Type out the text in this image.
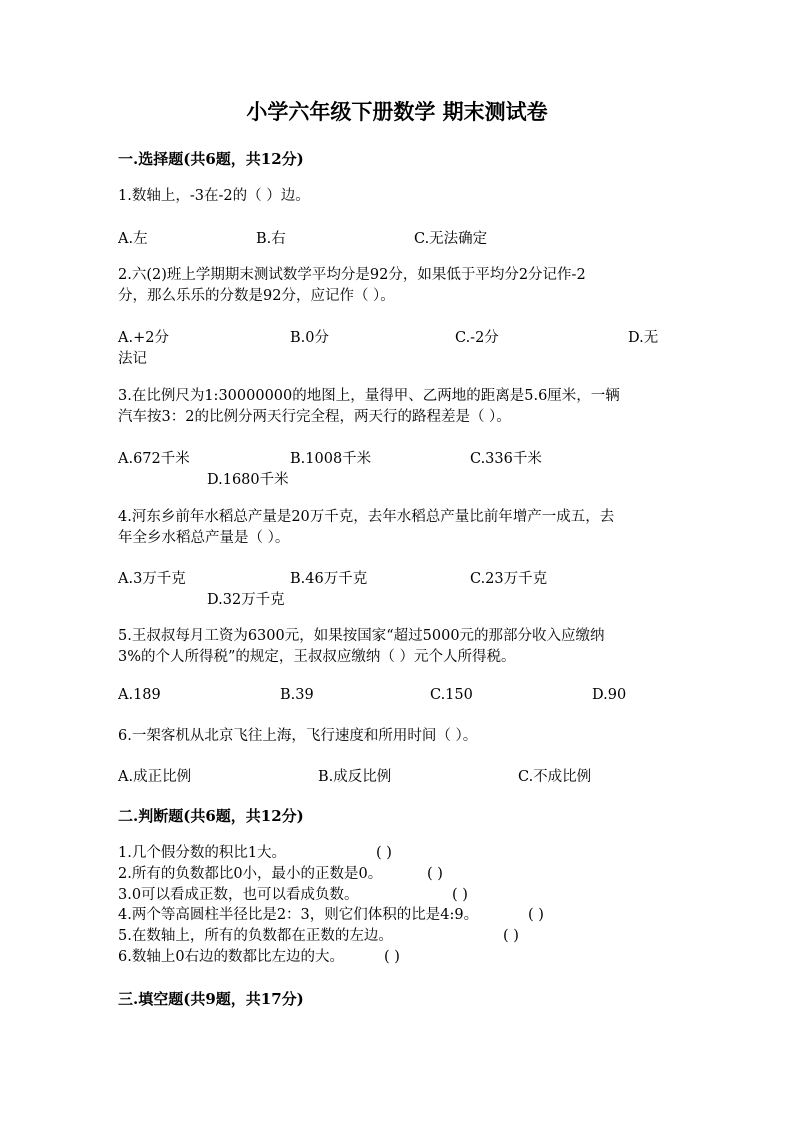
小学六年级下册数学 期末测试卷
一.选择题(共6题，共12分)
1.数轴上，-3在-2的（ ）边。
A.左	B.右	C.无法确定
2.六(2)班上学期期末测试数学平均分是92分，如果低于平均分2分记作-2
分，那么乐乐的分数是92分，应记作（ ）。
A.+2分	B.0分	C.-2分	D.无
法记
3.在比例尺为1:30000000的地图上，量得甲、乙两地的距离是5.6厘米，一辆
汽车按3：2的比例分两天行完全程，两天行的路程差是（ ）。
A.672千米	B.1008千米	C.336千米
D.1680千米
4.河东乡前年水稻总产量是20万千克，去年水稻总产量比前年增产一成五，去
年全乡水稻总产量是（ ）。
A.3万千克	B.46万千克	C.23万千克
D.32万千克
5.王叔叔每月工资为6300元，如果按国家“超过5000元的那部分收入应缴纳
3%的个人所得税”的规定，王叔叔应缴纳（ ）元个人所得税。
A.189	B.39	C.150	D.90
6.一架客机从北京飞往上海，飞行速度和所用时间（ ）。
A.成正比例	B.成反比例	C.不成比例
二.判断题(共6题，共12分)
1.几个假分数的积比1大。	( )
2.所有的负数都比0小，最小的正数是0。	( )
3.0可以看成正数，也可以看成负数。	( )
4.两个等高圆柱半径比是2：3，则它们体积的比是4:9。	( )
5.在数轴上，所有的负数都在正数的左边。	( )
6.数轴上0右边的数都比左边的大。	( )
三.填空题(共9题，共17分)
